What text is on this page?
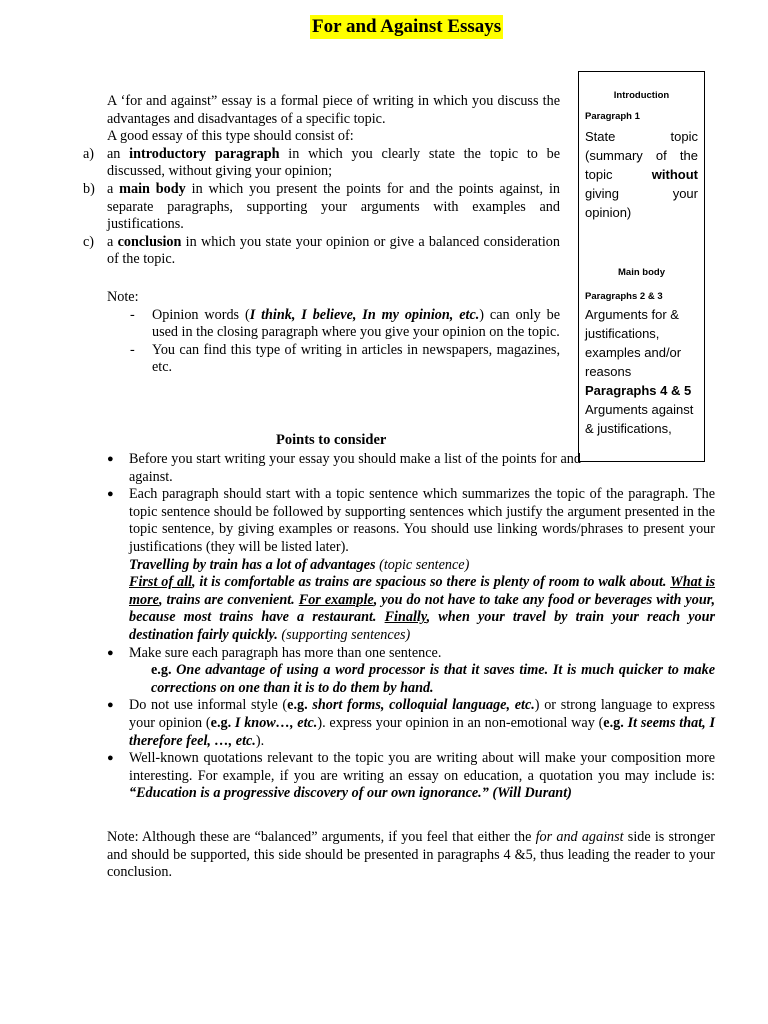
For and Against Essays

A ‘for and against” essay is a formal piece of writing in which you discuss the advantages and disadvantages of a specific topic.

A good essay of this type should consist of:

a) an introductory paragraph in which you clearly state the topic to be discussed, without giving your opinion;
b) a main body in which you present the points for and the points against, in separate paragraphs, supporting your arguments with examples and justifications.
c) a conclusion in which you state your opinion or give a balanced consideration of the topic.

Note:

- Opinion words (I think, I believe, In my opinion, etc.) can only be used in the closing paragraph where you give your opinion on the topic.
- You can find this type of writing in articles in newspapers, magazines, etc.
Points to consider
● Before you start writing your essay you should make a list of the points for and against.
● Each paragraph should start with a topic sentence which summarizes the topic of the paragraph. The topic sentence should be followed by supporting sentences which justify the argument presented in the topic sentence, by giving examples or reasons. You should use linking words/phrases to present your justifications (they will be listed later).

Travelling by train has a lot of advantages (topic sentence)

First of all, it is comfortable as trains are spacious so there is plenty of room to walk about. What is more, trains are convenient. For example, you do not have to take any food or beverages with your, because most trains have a restaurant. Finally, when your travel by train your reach your destination fairly quickly. (supporting sentences)

● Make sure each paragraph has more than one sentence.

e.g. One advantage of using a word processor is that it saves time. It is much quicker to make corrections on one than it is to do them by hand.

● Do not use informal style (e.g. short forms, colloquial language, etc.) or strong language to express your opinion (e.g. I know…, etc.). express your opinion in an non-emotional way (e.g. It seems that, I therefore feel, …, etc.).
● Well-known quotations relevant to the topic you are writing about will make your composition more interesting. For example, if you are writing an essay on education, a quotation you may include is: “Education is a progressive discovery of our own ignorance.” (Will Durant)

Note: Although these are “balanced” arguments, if you feel that either the for and against side is stronger and should be supported, this side should be presented in paragraphs 4 &5, thus leading the reader to your conclusion.

Introduction
Paragraph 1
State topic
(summary of the
topic	without
giving your
opinion)
Main body
Paragraphs 2 & 3
Arguments for & justifications, examples and/or reasons
Paragraphs 4 & 5
Arguments against & justifications,
